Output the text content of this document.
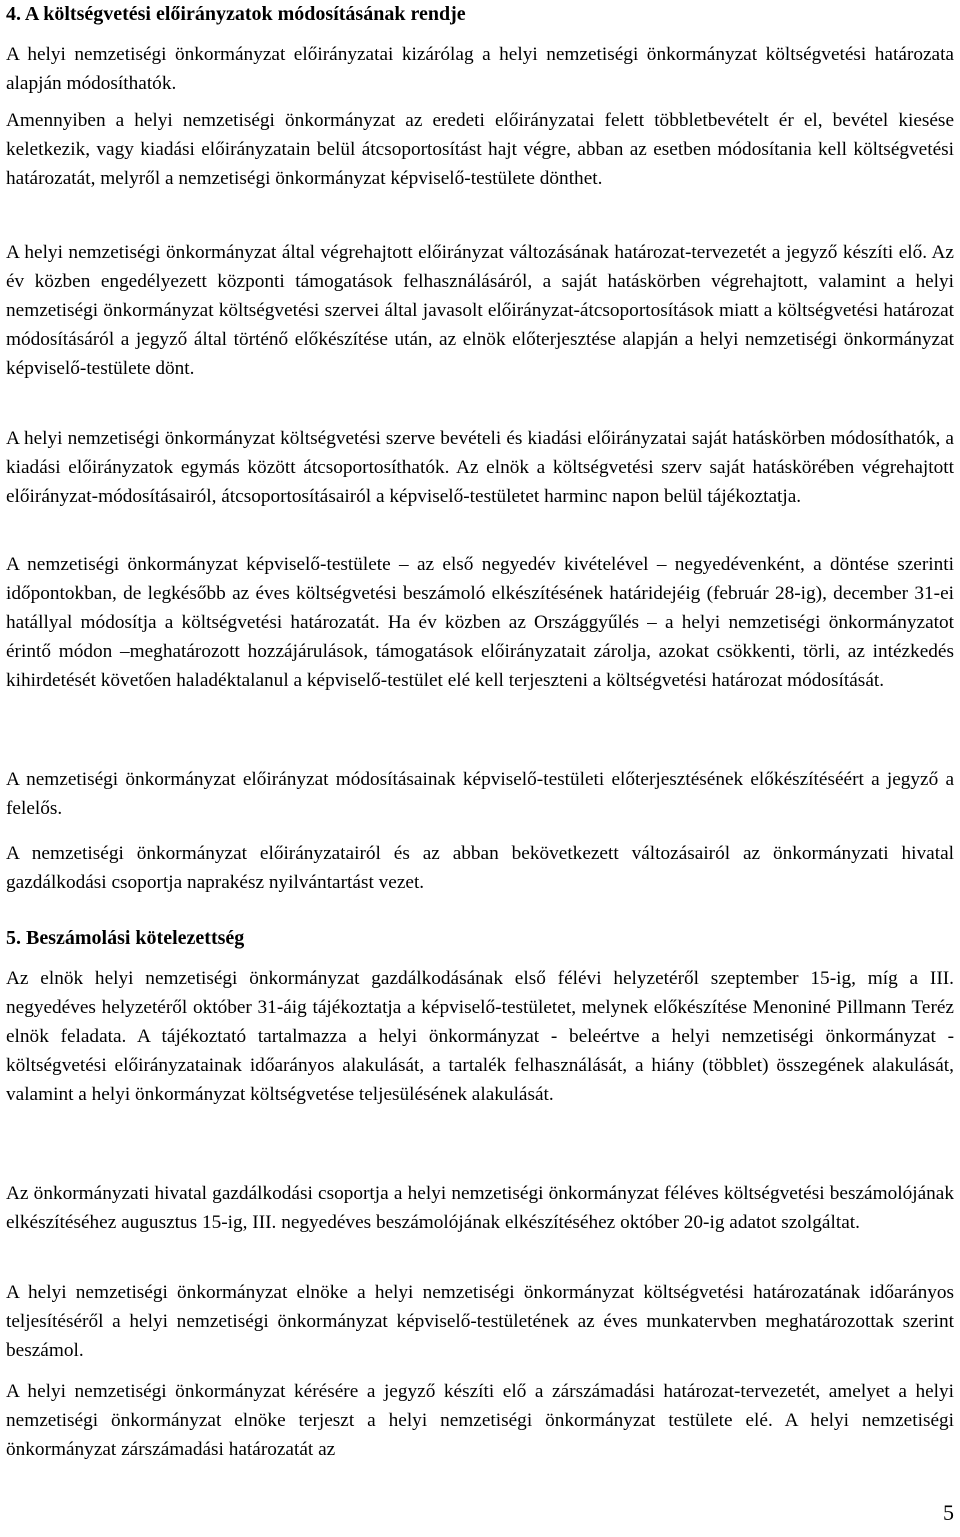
4. A költségvetési előirányzatok módosításának rendje

A helyi nemzetiségi önkormányzat előirányzatai kizárólag a helyi nemzetiségi önkormányzat költségvetési határozata alapján módosíthatók.

Amennyiben a helyi nemzetiségi önkormányzat az eredeti előirányzatai felett többletbevételt ér el, bevétel kiesése keletkezik, vagy kiadási előirányzatain belül átcsoportosítást hajt végre, abban az esetben módosítania kell költségvetési határozatát, melyről a nemzetiségi önkormányzat képviselő-testülete dönthet.

A helyi nemzetiségi önkormányzat által végrehajtott előirányzat változásának határozat-tervezetét a jegyző készíti elő. Az év közben engedélyezett központi támogatások felhasználásáról, a saját hatáskörben végrehajtott, valamint a helyi nemzetiségi önkormányzat költségvetési szervei által javasolt előirányzat-átcsoportosítások miatt a költségvetési határozat módosításáról a jegyző által történő előkészítése után, az elnök előterjesztése alapján a helyi nemzetiségi önkormányzat képviselő-testülete dönt.

A helyi nemzetiségi önkormányzat költségvetési szerve bevételi és kiadási előirányzatai saját hatáskörben módosíthatók, a kiadási előirányzatok egymás között átcsoportosíthatók. Az elnök a költségvetési szerv saját hatáskörében végrehajtott előirányzat-módosításairól, átcsoportosításairól a képviselő-testületet harminc napon belül tájékoztatja.

A nemzetiségi önkormányzat képviselő-testülete – az első negyedév kivételével – negyedévenként, a döntése szerinti időpontokban, de legkésőbb az éves költségvetési beszámoló elkészítésének határidejéig (február 28-ig), december 31-ei hatállyal módosítja a költségvetési határozatát. Ha év közben az Országgyűlés – a helyi nemzetiségi önkormányzatot érintő módon –meghatározott hozzájárulások, támogatások előirányzatait zárolja, azokat csökkenti, törli, az intézkedés kihirdetését követően haladéktalanul a képviselő-testület elé kell terjeszteni a költségvetési határozat módosítását.

A nemzetiségi önkormányzat előirányzat módosításainak képviselő-testületi előterjesztésének előkészítéséért a jegyző a felelős.

A nemzetiségi önkormányzat előirányzatairól és az abban bekövetkezett változásairól az önkormányzati hivatal gazdálkodási csoportja naprakész nyilvántartást vezet.

5. Beszámolási kötelezettség

Az elnök helyi nemzetiségi önkormányzat gazdálkodásának első félévi helyzetéről szeptember 15-ig, míg a III. negyedéves helyzetéről október 31-áig tájékoztatja a képviselő-testületet, melynek előkészítése Menoniné Pillmann Teréz elnök feladata. A tájékoztató tartalmazza a helyi önkormányzat - beleértve a helyi nemzetiségi önkormányzat - költségvetési előirányzatainak időarányos alakulását, a tartalék felhasználását, a hiány (többlet) összegének alakulását, valamint a helyi önkormányzat költségvetése teljesülésének alakulását.

Az önkormányzati hivatal gazdálkodási csoportja a helyi nemzetiségi önkormányzat féléves költségvetési beszámolójának elkészítéséhez augusztus 15-ig, III. negyedéves beszámolójának elkészítéséhez október 20-ig adatot szolgáltat.

A helyi nemzetiségi önkormányzat elnöke a helyi nemzetiségi önkormányzat költségvetési határozatának időarányos teljesítéséről a helyi nemzetiségi önkormányzat képviselő-testületének az éves munkatervben meghatározottak szerint beszámol.

A helyi nemzetiségi önkormányzat kérésére a jegyző készíti elő a zárszámadási határozat-tervezetét, amelyet a helyi nemzetiségi önkormányzat elnöke terjeszt a helyi nemzetiségi önkormányzat testülete elé. A helyi nemzetiségi önkormányzat zárszámadási határozatát az

5
